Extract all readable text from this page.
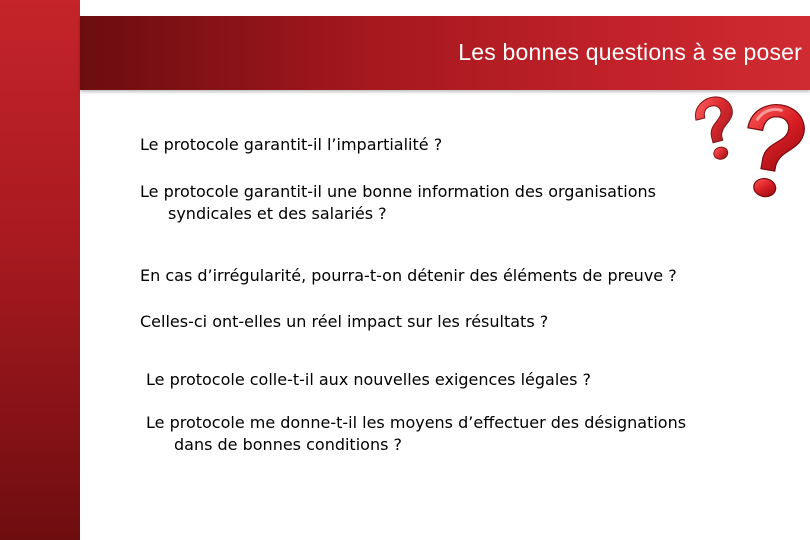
Les bonnes questions à se poser
Le protocole garantit-il l’impartialité ?
Le protocole garantit-il une bonne information des organisations
syndicales et des salariés ?
En cas d’irrégularité, pourra-t-on détenir des éléments de preuve ?
Celles-ci ont-elles un réel impact sur les résultats ?
Le protocole colle-t-il aux nouvelles exigences légales ?
Le protocole me donne-t-il les moyens d’effectuer des désignations
dans de bonnes conditions ?
